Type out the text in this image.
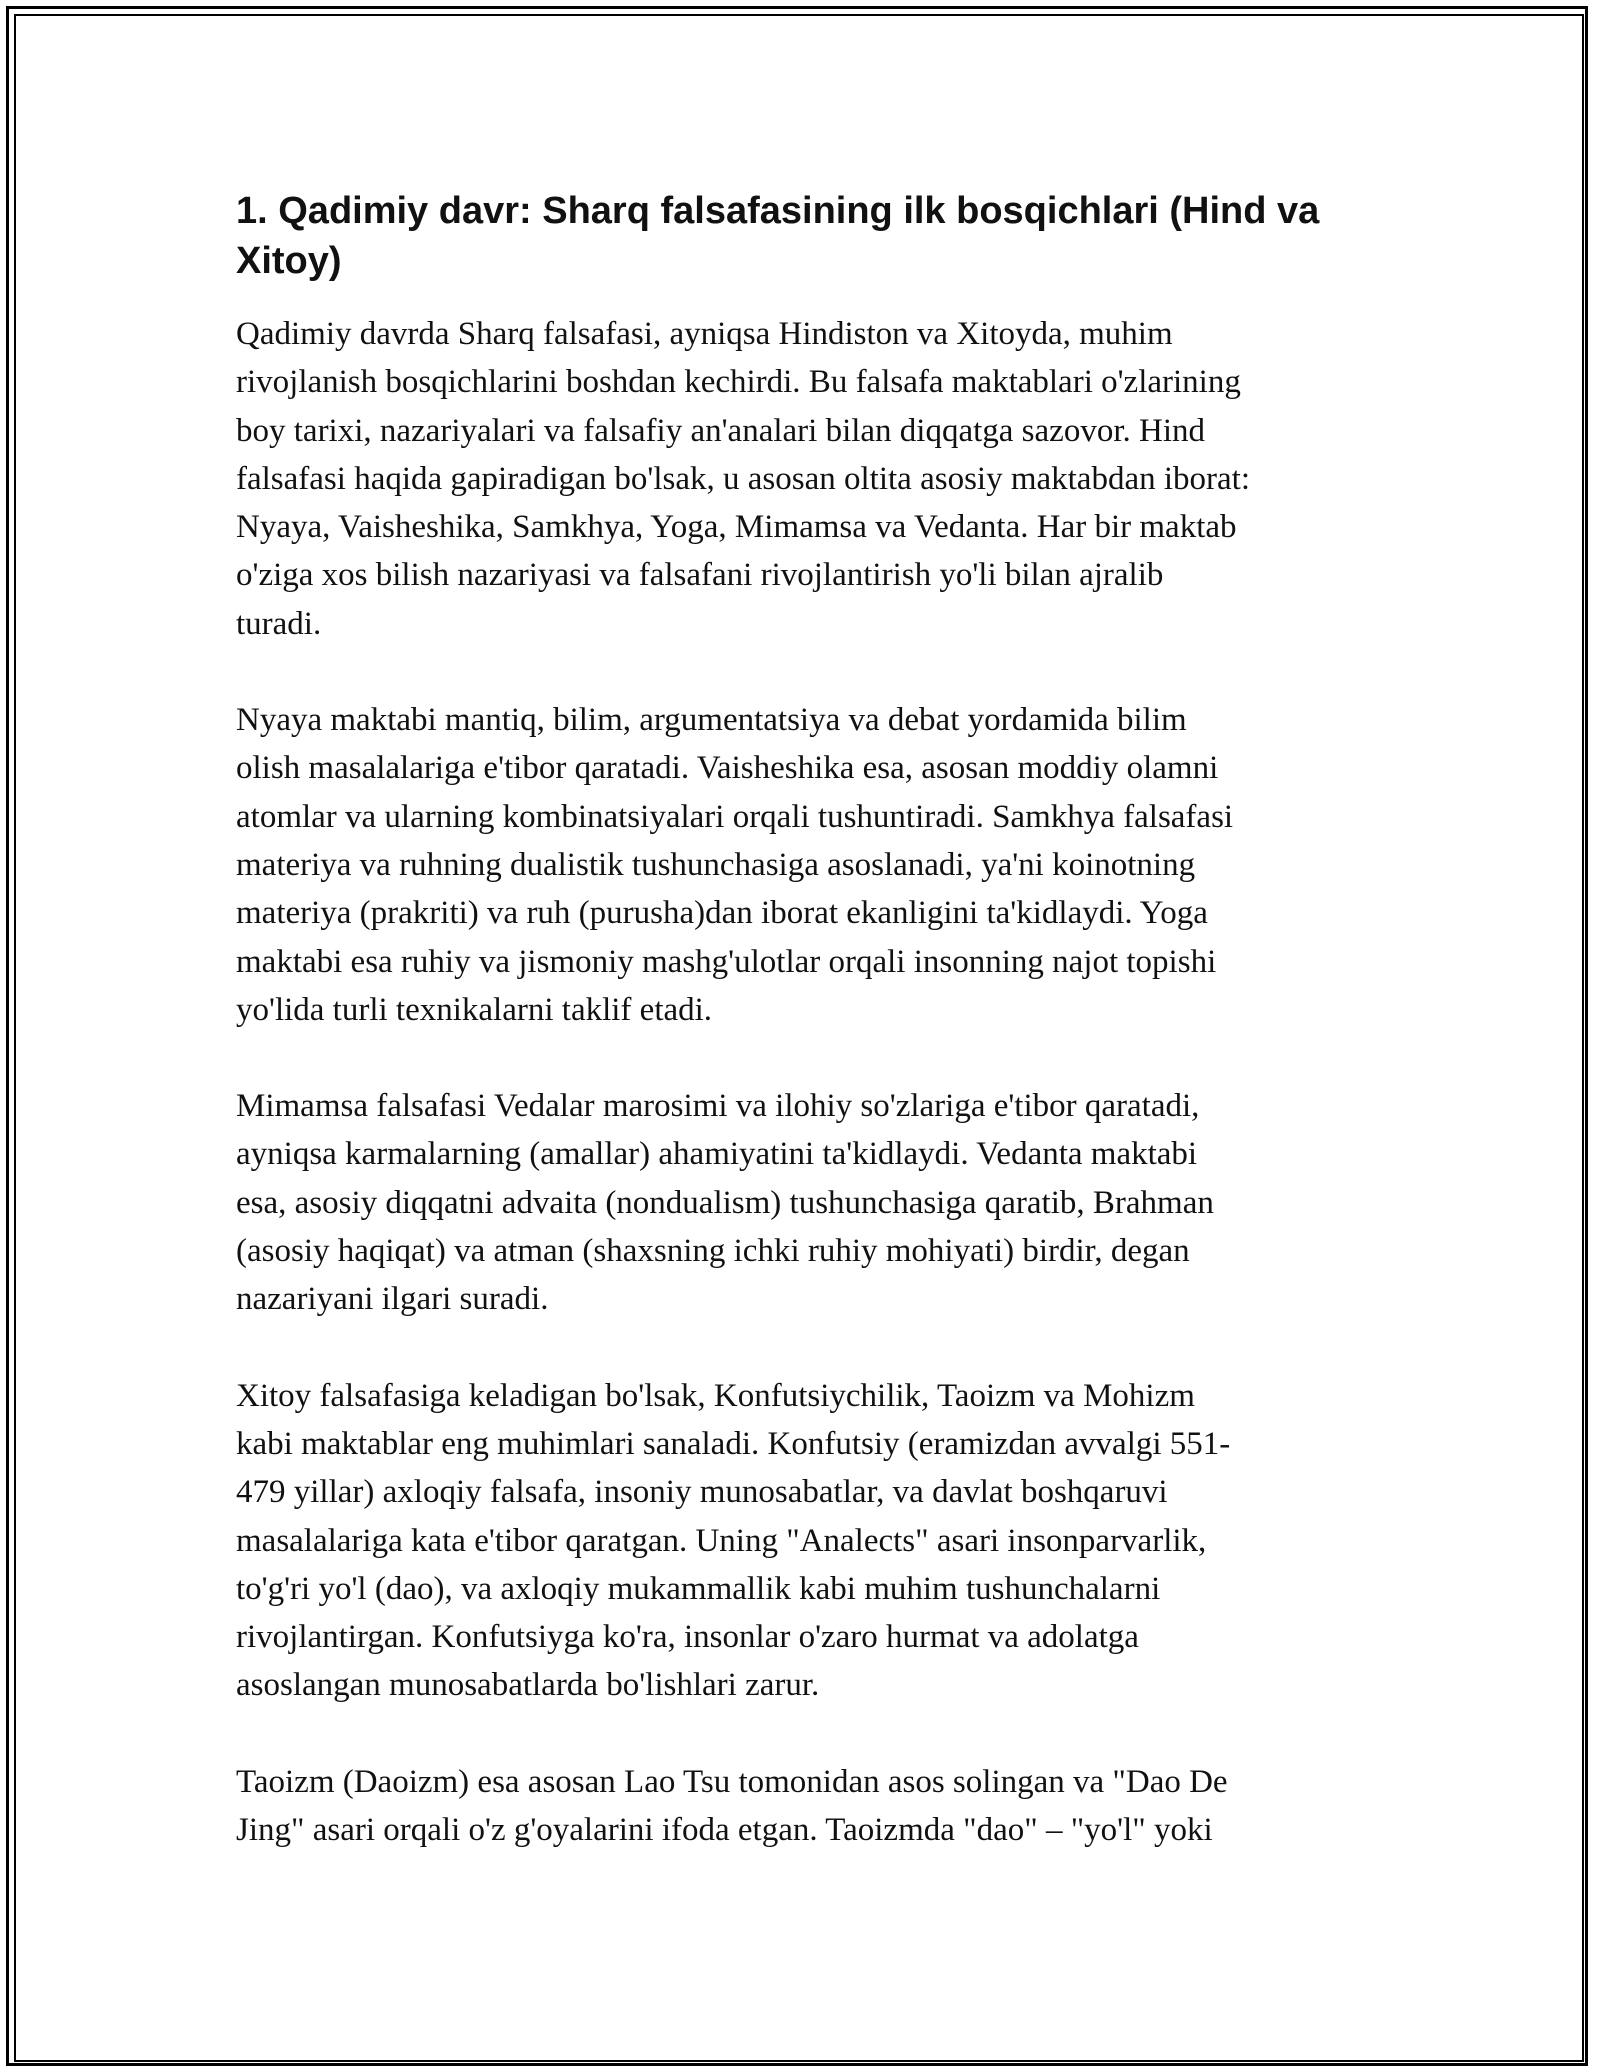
1. Qadimiy davr: Sharq falsafasining ilk bosqichlari (Hind va Xitoy)

Qadimiy davrda Sharq falsafasi, ayniqsa Hindiston va Xitoyda, muhim
rivojlanish bosqichlarini boshdan kechirdi. Bu falsafa maktablari o'zlarining
boy tarixi, nazariyalari va falsafiy an'analari bilan diqqatga sazovor. Hind
falsafasi haqida gapiradigan bo'lsak, u asosan oltita asosiy maktabdan iborat:
Nyaya, Vaisheshika, Samkhya, Yoga, Mimamsa va Vedanta. Har bir maktab
o'ziga xos bilish nazariyasi va falsafani rivojlantirish yo'li bilan ajralib
turadi.

Nyaya maktabi mantiq, bilim, argumentatsiya va debat yordamida bilim
olish masalalariga e'tibor qaratadi. Vaisheshika esa, asosan moddiy olamni
atomlar va ularning kombinatsiyalari orqali tushuntiradi. Samkhya falsafasi
materiya va ruhning dualistik tushunchasiga asoslanadi, ya'ni koinotning
materiya (prakriti) va ruh (purusha)dan iborat ekanligini ta'kidlaydi. Yoga
maktabi esa ruhiy va jismoniy mashg'ulotlar orqali insonning najot topishi
yo'lida turli texnikalarni taklif etadi.

Mimamsa falsafasi Vedalar marosimi va ilohiy so'zlariga e'tibor qaratadi,
ayniqsa karmalarning (amallar) ahamiyatini ta'kidlaydi. Vedanta maktabi
esa, asosiy diqqatni advaita (nondualism) tushunchasiga qaratib, Brahman
(asosiy haqiqat) va atman (shaxsning ichki ruhiy mohiyati) birdir, degan
nazariyani ilgari suradi.

Xitoy falsafasiga keladigan bo'lsak, Konfutsiychilik, Taoizm va Mohizm
kabi maktablar eng muhimlari sanaladi. Konfutsiy (eramizdan avvalgi 551-
479 yillar) axloqiy falsafa, insoniy munosabatlar, va davlat boshqaruvi
masalalariga kata e'tibor qaratgan. Uning "Analects" asari insonparvarlik,
to'g'ri yo'l (dao), va axloqiy mukammallik kabi muhim tushunchalarni
rivojlantirgan. Konfutsiyga ko'ra, insonlar o'zaro hurmat va adolatga
asoslangan munosabatlarda bo'lishlari zarur.

Taoizm (Daoizm) esa asosan Lao Tsu tomonidan asos solingan va "Dao De
Jing" asari orqali o'z g'oyalarini ifoda etgan. Taoizmda "dao" – "yo'l" yoki
